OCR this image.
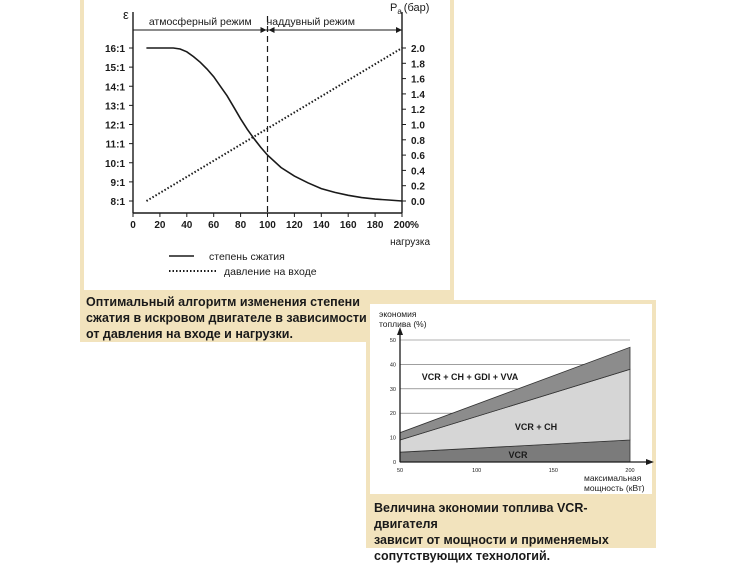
Оптимальный алгоритм изменения степени
сжатия в искровом двигателе в зависимости
от давления на входе и нагрузки.
Величина экономии топлива VCR-двигателя
зависит от мощности и применяемых
сопутствующих технологий.
8:1
9:1
10:1
11:1
12:1
13:1
14:1
15:1
16:1
0.0
0.2
0.4
0.6
0.8
1.0
1.2
1.4
1.6
1.8
2.0
0 20 40 60 80 100 120 140 160 180 200 %
нагрузка
ε	$P_a$ (бар)
атмосферный режим наддувный режим
степень сжатия
давление на входе
VCR
VCR + CH
VCR + CH + GDI + VVA
0
10
20
30
40
50
50	100	150	200
экономия
топлива (%)
максимальная
мощность (кВт)
